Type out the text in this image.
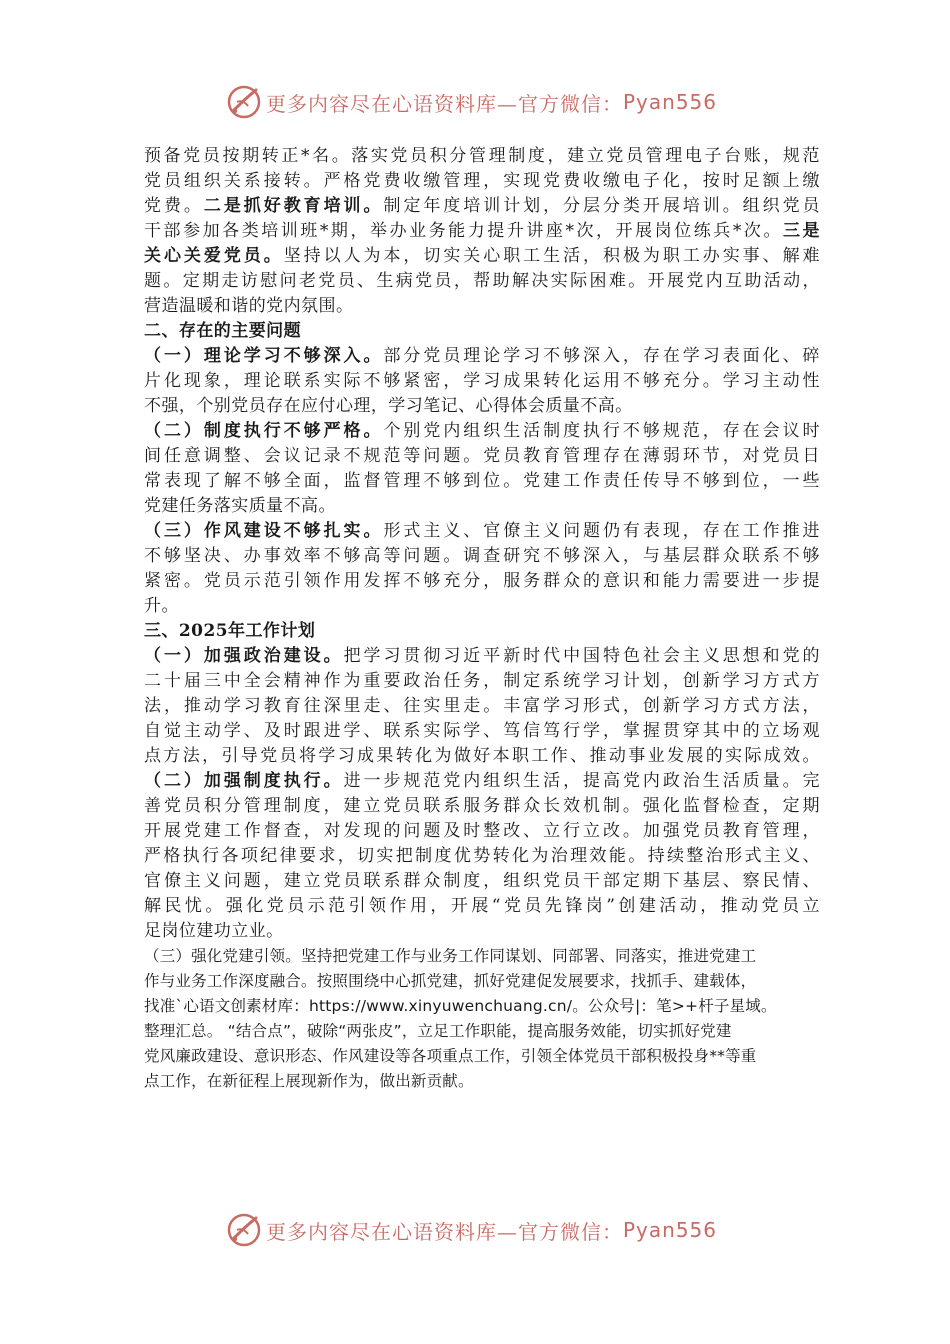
更多内容尽在心语资料库—官方微信： Pyan556
预备党员按期转正*名。落实党员积分管理制度，建立党员管理电子台账，规范
党员组织关系接转。严格党费收缴管理，实现党费收缴电子化，按时足额上缴
党费。二是抓好教育培训。制定年度培训计划，分层分类开展培训。组织党员
干部参加各类培训班*期，举办业务能力提升讲座*次，开展岗位练兵*次。三是
关心关爱党员。坚持以人为本，切实关心职工生活，积极为职工办实事、解难
题。定期走访慰问老党员、生病党员，帮助解决实际困难。开展党内互助活动，
营造温暖和谐的党内氛围。
二、存在的主要问题
（一）理论学习不够深入。部分党员理论学习不够深入，存在学习表面化、碎
片化现象，理论联系实际不够紧密，学习成果转化运用不够充分。学习主动性
不强，个别党员存在应付心理，学习笔记、心得体会质量不高。
（二）制度执行不够严格。个别党内组织生活制度执行不够规范，存在会议时
间任意调整、会议记录不规范等问题。党员教育管理存在薄弱环节，对党员日
常表现了解不够全面，监督管理不够到位。党建工作责任传导不够到位，一些
党建任务落实质量不高。
（三）作风建设不够扎实。形式主义、官僚主义问题仍有表现，存在工作推进
不够坚决、办事效率不够高等问题。调查研究不够深入，与基层群众联系不够
紧密。党员示范引领作用发挥不够充分，服务群众的意识和能力需要进一步提
升。
三、2025年工作计划
（一）加强政治建设。把学习贯彻习近平新时代中国特色社会主义思想和党的
二十届三中全会精神作为重要政治任务，制定系统学习计划，创新学习方式方
法，推动学习教育往深里走、往实里走。丰富学习形式，创新学习方式方法，
自觉主动学、及时跟进学、联系实际学、笃信笃行学，掌握贯穿其中的立场观
点方法，引导党员将学习成果转化为做好本职工作、推动事业发展的实际成效。
（二）加强制度执行。进一步规范党内组织生活，提高党内政治生活质量。完
善党员积分管理制度，建立党员联系服务群众长效机制。强化监督检查，定期
开展党建工作督查，对发现的问题及时整改、立行立改。加强党员教育管理，
严格执行各项纪律要求，切实把制度优势转化为治理效能。持续整治形式主义、
官僚主义问题，建立党员联系群众制度，组织党员干部定期下基层、察民情、
解民忧。强化党员示范引领作用，开展“党员先锋岗”创建活动，推动党员立
足岗位建功立业。
（三）强化党建引领。坚持把党建工作与业务工作同谋划、同部署、同落实，推进党建工
作与业务工作深度融合。按照围绕中心抓党建，抓好党建促发展要求，找抓手、建载体，
找准`心语文创素材库：https://www.xinyuwenchuang.cn/。公众号|：笔>+杆子星域。
整理汇总。 “结合点”，破除“两张皮”，立足工作职能，提高服务效能，切实抓好党建
党风廉政建设、意识形态、作风建设等各项重点工作，引领全体党员干部积极投身**等重
点工作，在新征程上展现新作为，做出新贡献。
更多内容尽在心语资料库—官方微信： Pyan556
